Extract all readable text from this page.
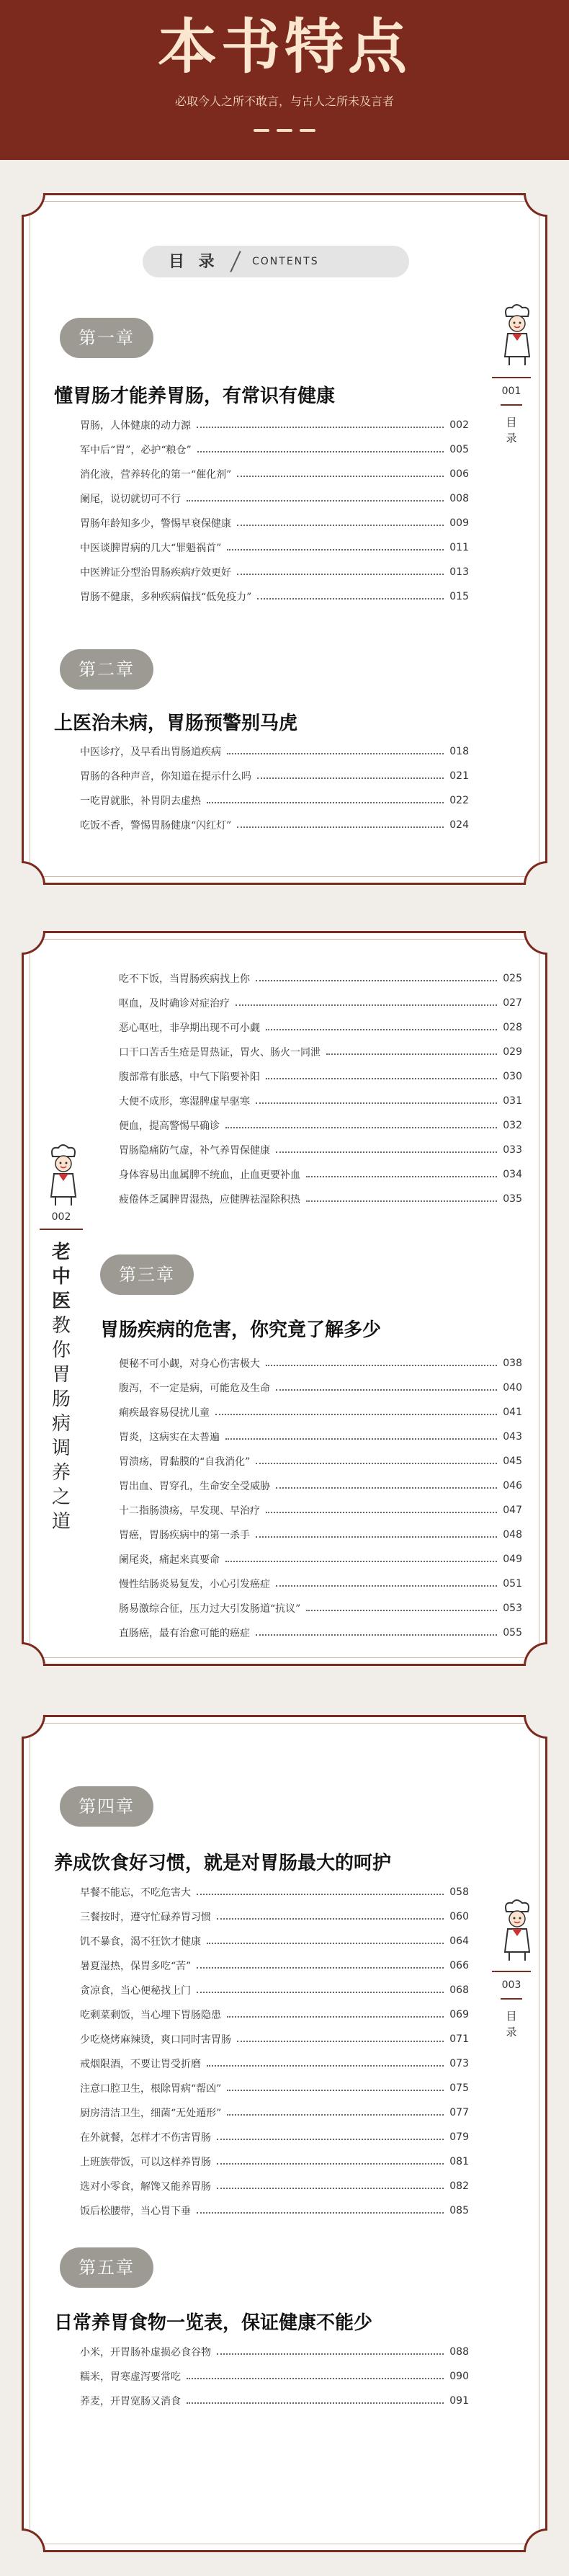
本书特点
必取今人之所不敢言，与古人之所未及言者
目 录	CONTENTS
第一章
懂胃肠才能养胃肠，有常识有健康
胃肠，人体健康的动力源	002
军中后“胃”，必护“粮仓”	005
消化液，营养转化的第一“催化剂”	006
阑尾，说切就切可不行	008
胃肠年龄知多少，警惕早衰保健康	009
中医谈脾胃病的几大“罪魁祸首”	011
中医辨证分型治胃肠疾病疗效更好	013
胃肠不健康，多种疾病偏找“低免疫力”	015
第二章
上医治未病，胃肠预警别马虎
中医诊疗，及早看出胃肠道疾病	018
胃肠的各种声音，你知道在提示什么吗	021
一吃胃就胀，补胃阴去虚热	022
吃饭不香，警惕胃肠健康“闪红灯”	024
001
目录
吃不下饭，当胃肠疾病找上你	025
呕血，及时确诊对症治疗	027
恶心呕吐，非孕期出现不可小觑	028
口干口苦舌生疮是胃热证，胃火、肠火一同泄	029
腹部常有胀感，中气下陷要补阳	030
大便不成形，寒湿脾虚早驱寒	031
便血，提高警惕早确诊	032
胃肠隐痛防气虚，补气养胃保健康	033
身体容易出血属脾不统血，止血更要补血	034
疲倦体乏属脾胃湿热，应健脾祛湿除积热	035
002
老
中
医
教
你
胃
肠
病
调
养
之
道
第三章
胃肠疾病的危害，你究竟了解多少
便秘不可小觑，对身心伤害极大	038
腹泻，不一定是病，可能危及生命	040
痢疾最容易侵扰儿童	041
胃炎，这病实在太普遍	043
胃溃疡，胃黏膜的“自我消化”	045
胃出血、胃穿孔，生命安全受威胁	046
十二指肠溃疡，早发现、早治疗	047
胃癌，胃肠疾病中的第一杀手	048
阑尾炎，痛起来真要命	049
慢性结肠炎易复发，小心引发癌症	051
肠易激综合征，压力过大引发肠道“抗议”	053
直肠癌，最有治愈可能的癌症	055
第四章
养成饮食好习惯，就是对胃肠最大的呵护
早餐不能忘，不吃危害大	058
三餐按时，遵守忙碌养胃习惯	060
饥不暴食，渴不狂饮才健康	064
暑夏湿热，保胃多吃“苦”	066
贪凉食，当心便秘找上门	068
吃剩菜剩饭，当心埋下胃肠隐患	069
少吃烧烤麻辣烫，爽口同时害胃肠	071
戒烟限酒，不要让胃受折磨	073
注意口腔卫生，根除胃病“帮凶”	075
厨房清洁卫生，细菌“无处遁形”	077
在外就餐，怎样才不伤害胃肠	079
上班族带饭，可以这样养胃肠	081
选对小零食，解馋又能养胃肠	082
饭后松腰带，当心胃下垂	085
第五章
日常养胃食物一览表，保证健康不能少
小米，开胃肠补虚损必食谷物	088
糯米，胃寒虚泻要常吃	090
荞麦，开胃宽肠又消食	091
003
目录
